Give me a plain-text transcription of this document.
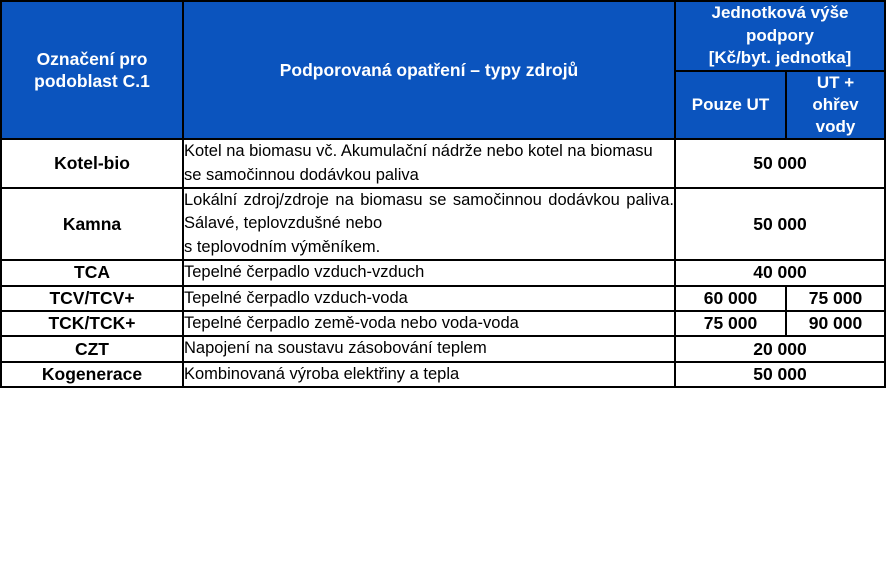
Označení pro podoblast C.1	Podporovaná opatření – typy zdrojů	Jednotková výše
podpory
[Kč/byt. jednotka]	
		Pouze UT	UT +
ohřev
vody
Kotel-bio	Kotel na biomasu vč. Akumulační nádrže nebo kotel na biomasu se samočinnou dodávkou paliva	50 000	
Kamna	Lokální zdroj/zdroje na biomasu se samočinnou dodávkou paliva. Sálavé, teplovzdušné nebo
s teplovodním výměníkem.	50 000	
TCA	Tepelné čerpadlo vzduch-vzduch	40 000	
TCV/TCV+	Tepelné čerpadlo vzduch-voda	60 000	75 000
TCK/TCK+	Tepelné čerpadlo země-voda nebo voda-voda	75 000	90 000
CZT	Napojení na soustavu zásobování teplem	20 000	
Kogenerace	Kombinovaná výroba elektřiny a tepla	50 000	
